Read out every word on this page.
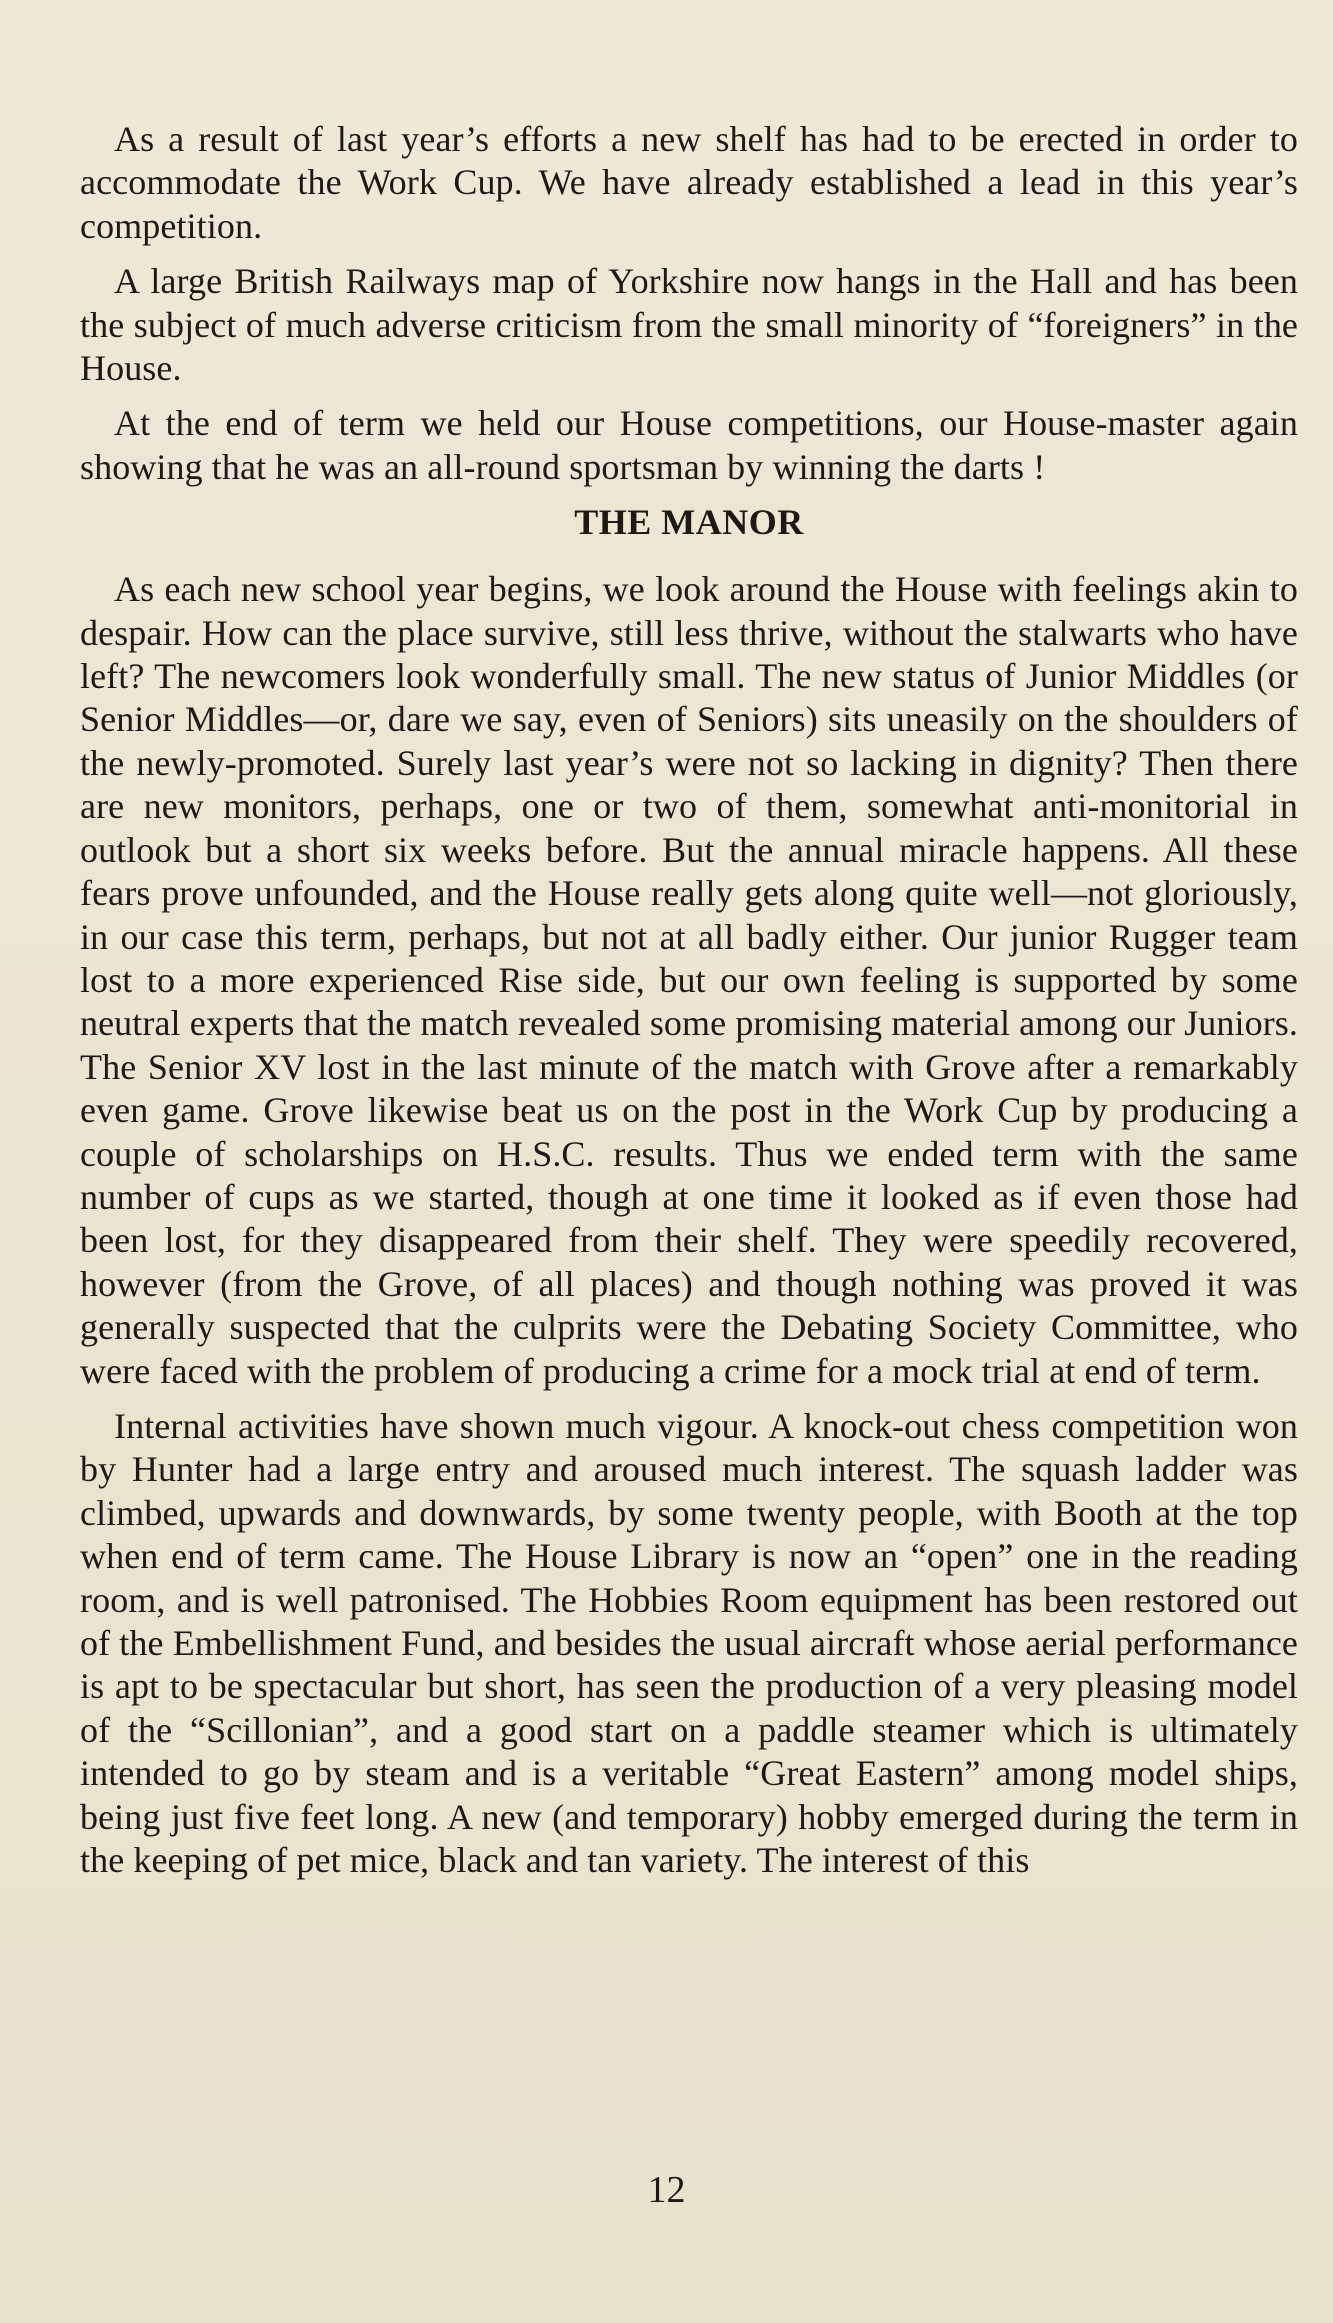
As a result of last year’s efforts a new shelf has had to be erected in order to accommodate the Work Cup. We have already established a lead in this year’s competition.

A large British Railways map of Yorkshire now hangs in the Hall and has been the subject of much adverse criticism from the small minority of “foreigners” in the House.

At the end of term we held our House competitions, our House-master again showing that he was an all-round sportsman by winning the darts !

THE MANOR

As each new school year begins, we look around the House with feelings akin to despair. How can the place survive, still less thrive, without the stalwarts who have left? The newcomers look wonderfully small. The new status of Junior Middles (or Senior Middles—or, dare we say, even of Seniors) sits uneasily on the shoulders of the newly-promoted. Surely last year’s were not so lacking in dignity? Then there are new monitors, perhaps, one or two of them, somewhat anti-monitorial in outlook but a short six weeks before. But the annual miracle happens. All these fears prove unfounded, and the House really gets along quite well—not gloriously, in our case this term, perhaps, but not at all badly either. Our junior Rugger team lost to a more experienced Rise side, but our own feeling is supported by some neutral experts that the match revealed some promising material among our Juniors. The Senior XV lost in the last minute of the match with Grove after a remarkably even game. Grove likewise beat us on the post in the Work Cup by producing a couple of scholarships on H.S.C. results. Thus we ended term with the same number of cups as we started, though at one time it looked as if even those had been lost, for they disappeared from their shelf. They were speedily recovered, however (from the Grove, of all places) and though nothing was proved it was generally suspected that the culprits were the Debating Society Committee, who were faced with the problem of producing a crime for a mock trial at end of term.

Internal activities have shown much vigour. A knock-out chess competition won by Hunter had a large entry and aroused much interest. The squash ladder was climbed, upwards and downwards, by some twenty people, with Booth at the top when end of term came. The House Library is now an “open” one in the reading room, and is well patronised. The Hobbies Room equipment has been restored out of the Embellishment Fund, and besides the usual aircraft whose aerial performance is apt to be spectacular but short, has seen the production of a very pleasing model of the “Scillonian”, and a good start on a paddle steamer which is ultimately intended to go by steam and is a veritable “Great Eastern” among model ships, being just five feet long. A new (and temporary) hobby emerged during the term in the keeping of pet mice, black and tan variety. The interest of this

12
